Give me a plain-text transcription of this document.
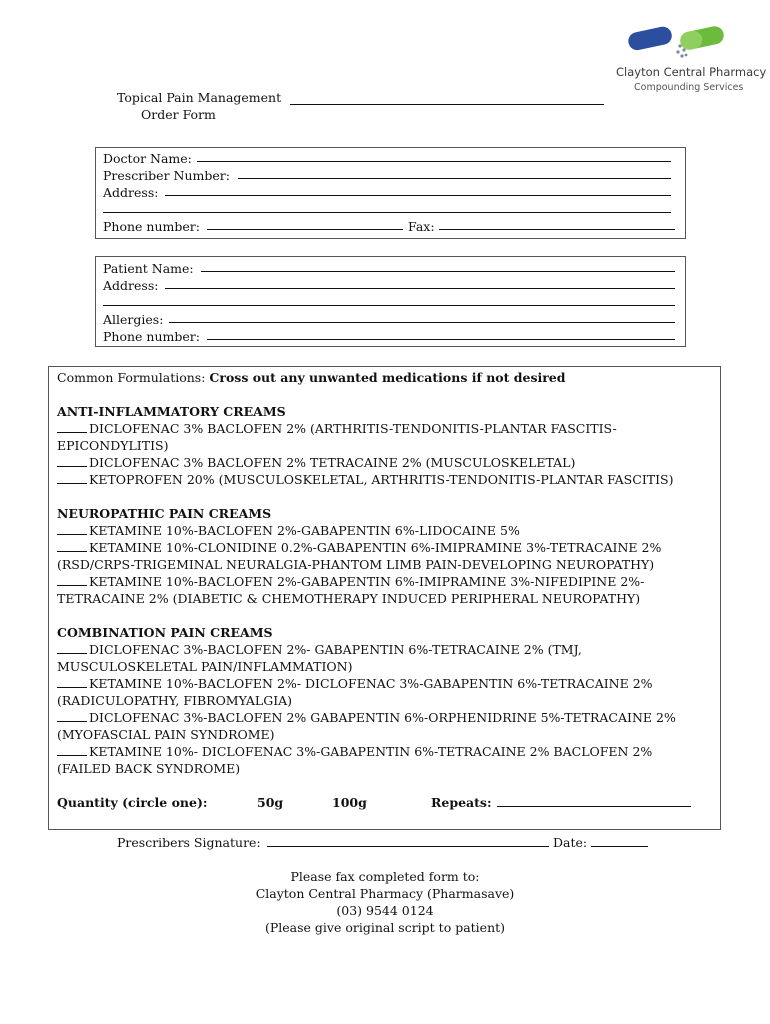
Clayton Central Pharmacy
Compounding Services
Topical Pain Management
Order Form
Doctor Name:
Prescriber Number:
Address:
Phone number:	Fax:
Patient Name:
Address:
Allergies:
Phone number:
Common Formulations: Cross out any unwanted medications if not desired
ANTI-INFLAMMATORY CREAMS
DICLOFENAC 3% BACLOFEN 2% (ARTHRITIS-TENDONITIS-PLANTAR FASCITIS-
EPICONDYLITIS)
DICLOFENAC 3% BACLOFEN 2% TETRACAINE 2% (MUSCULOSKELETAL)
KETOPROFEN 20% (MUSCULOSKELETAL, ARTHRITIS-TENDONITIS-PLANTAR FASCITIS)
NEUROPATHIC PAIN CREAMS
KETAMINE 10%-BACLOFEN 2%-GABAPENTIN 6%-LIDOCAINE 5%
KETAMINE 10%-CLONIDINE 0.2%-GABAPENTIN 6%-IMIPRAMINE 3%-TETRACAINE 2%
(RSD/CRPS-TRIGEMINAL NEURALGIA-PHANTOM LIMB PAIN-DEVELOPING NEUROPATHY)
KETAMINE 10%-BACLOFEN 2%-GABAPENTIN 6%-IMIPRAMINE 3%-NIFEDIPINE 2%-
TETRACAINE 2% (DIABETIC & CHEMOTHERAPY INDUCED PERIPHERAL NEUROPATHY)
COMBINATION PAIN CREAMS
DICLOFENAC 3%-BACLOFEN 2%- GABAPENTIN 6%-TETRACAINE 2% (TMJ,
MUSCULOSKELETAL PAIN/INFLAMMATION)
KETAMINE 10%-BACLOFEN 2%- DICLOFENAC 3%-GABAPENTIN 6%-TETRACAINE 2%
(RADICULOPATHY, FIBROMYALGIA)
DICLOFENAC 3%-BACLOFEN 2% GABAPENTIN 6%-ORPHENIDRINE 5%-TETRACAINE 2%
(MYOFASCIAL PAIN SYNDROME)
KETAMINE 10%- DICLOFENAC 3%-GABAPENTIN 6%-TETRACAINE 2% BACLOFEN 2%
(FAILED BACK SYNDROME)
Quantity (circle one):	50g	100g	Repeats:
Prescribers Signature:	Date:
Please fax completed form to:
Clayton Central Pharmacy (Pharmasave)
(03) 9544 0124
(Please give original script to patient)
